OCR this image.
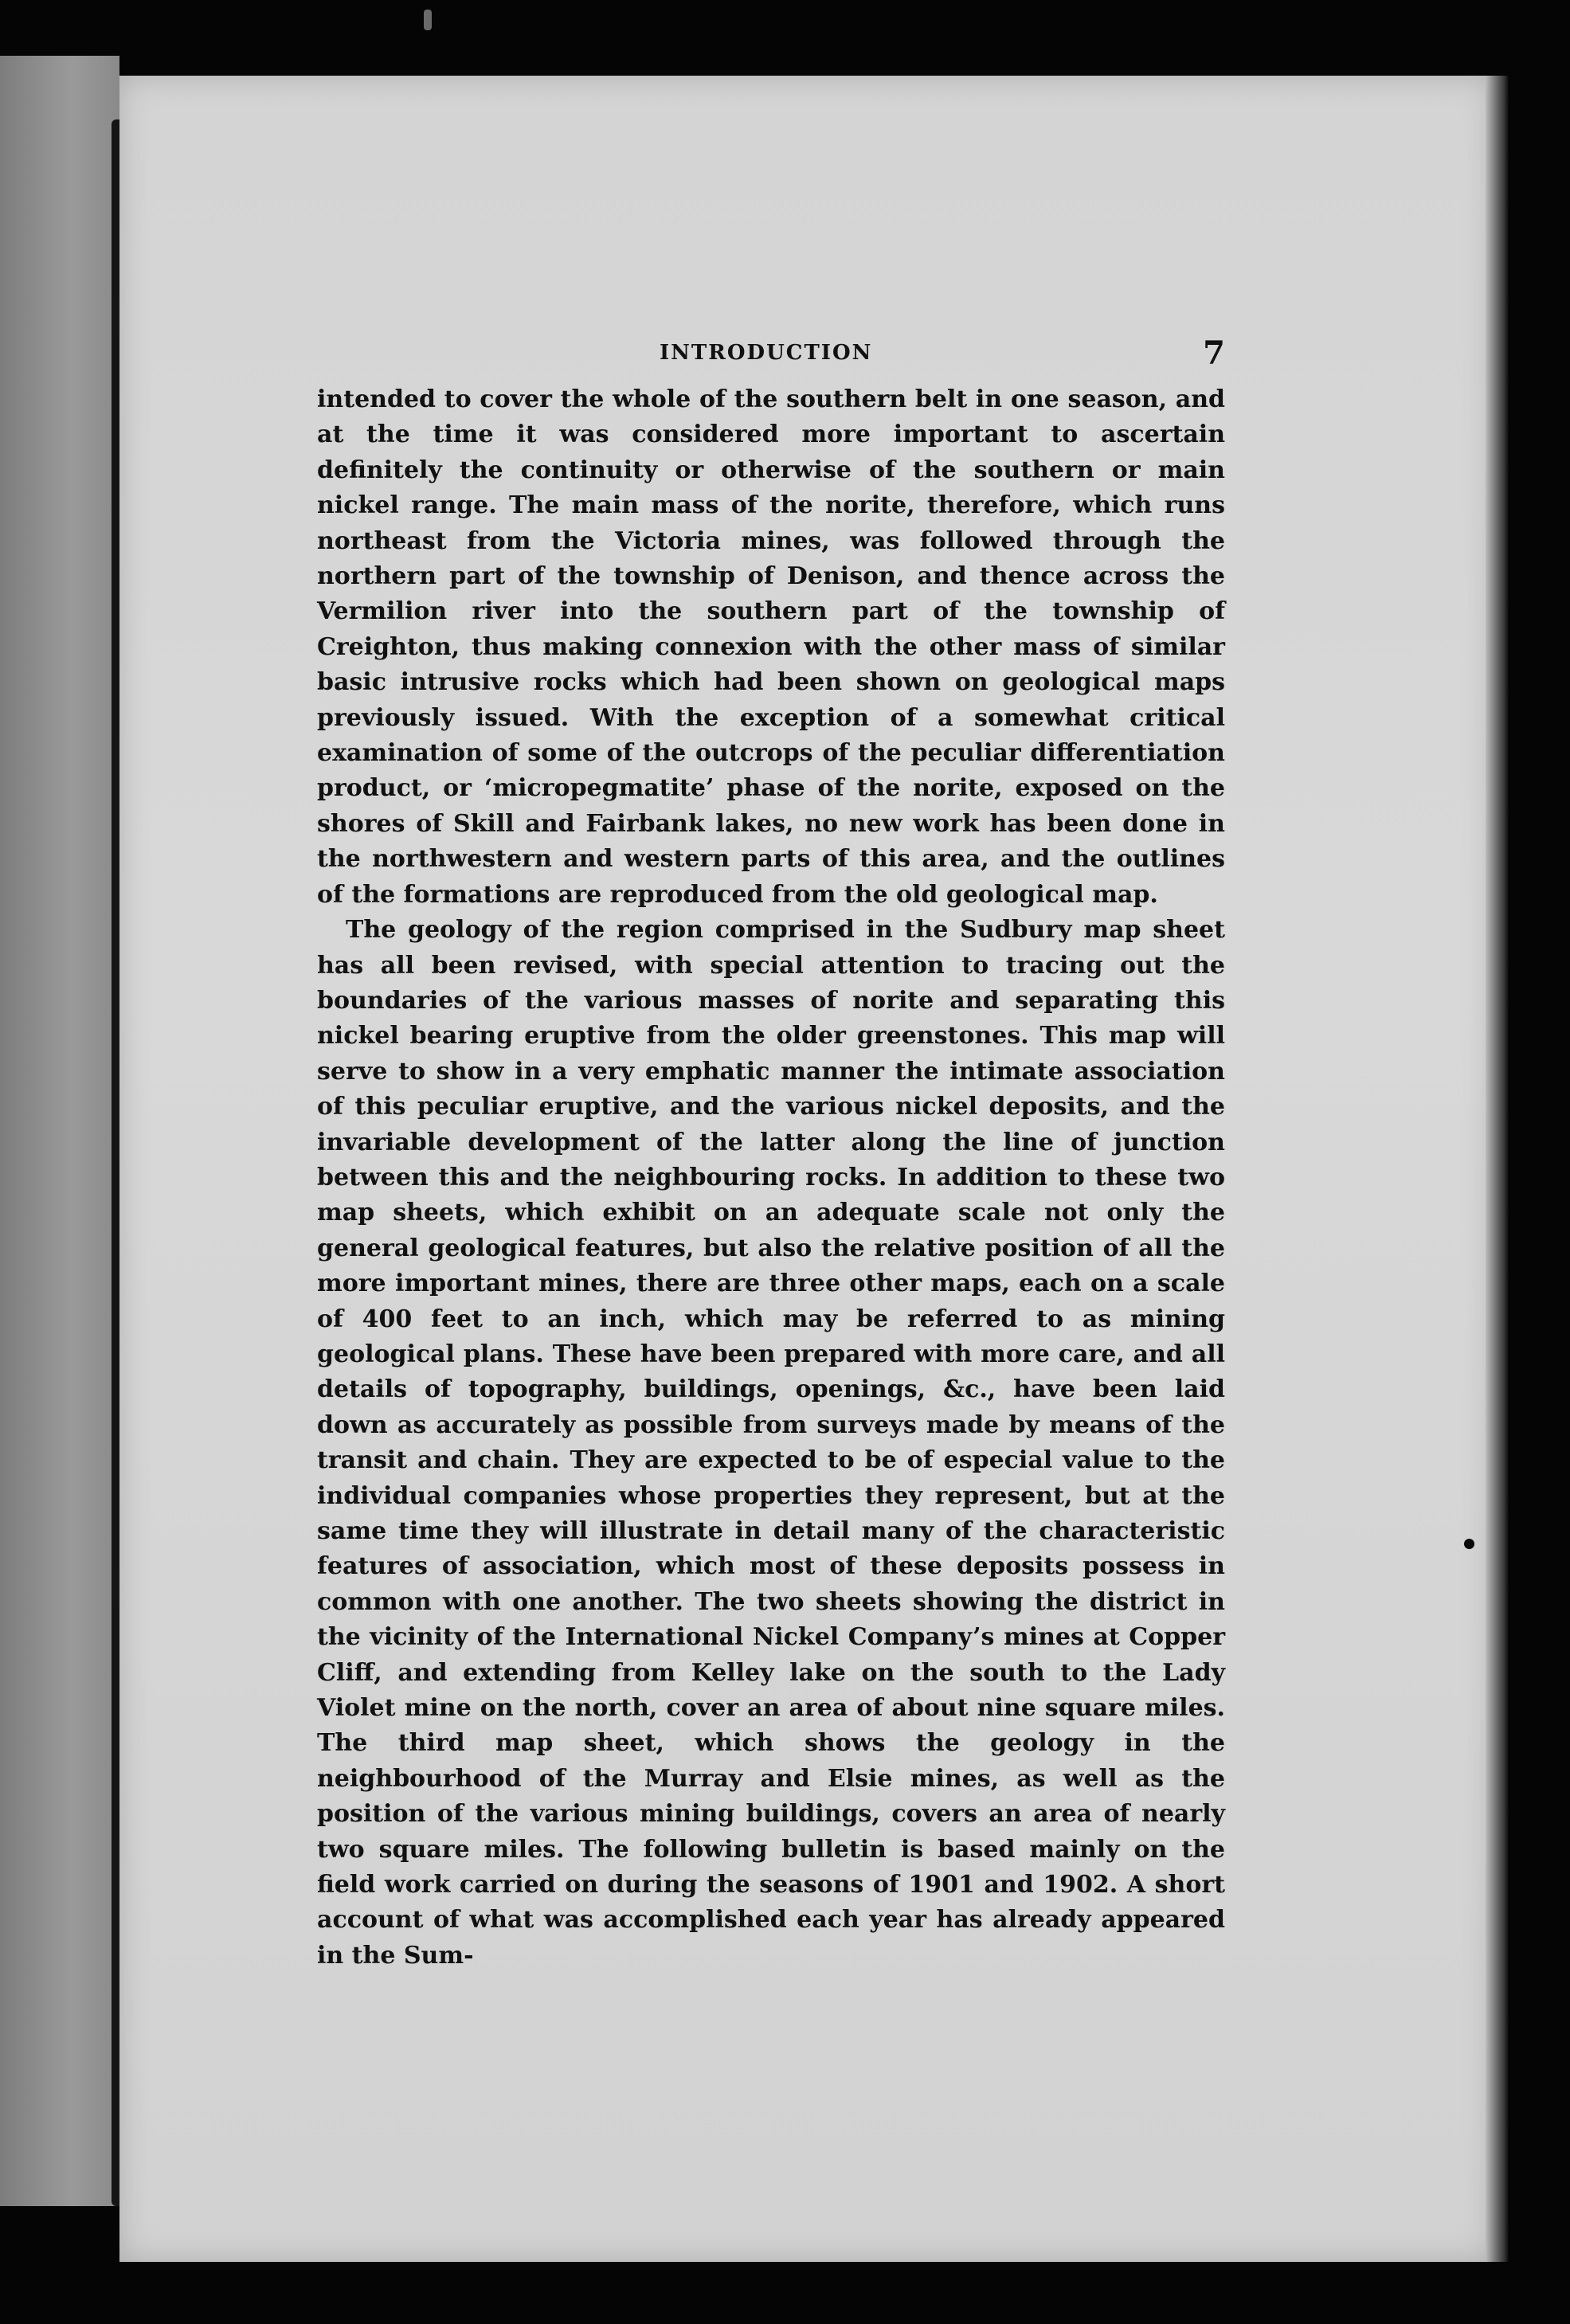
INTRODUCTION	7

intended to cover the whole of the southern belt in one season, and at the time it was considered more important to ascertain definitely the continuity or otherwise of the southern or main nickel range. The main mass of the norite, therefore, which runs northeast from the Victoria mines, was followed through the northern part of the township of Denison, and thence across the Vermilion river into the southern part of the township of Creighton, thus making connexion with the other mass of similar basic intrusive rocks which had been shown on geological maps previously issued. With the exception of a somewhat critical examination of some of the outcrops of the peculiar differentiation product, or ‘micropegmatite’ phase of the norite, exposed on the shores of Skill and Fairbank lakes, no new work has been done in the northwestern and western parts of this area, and the outlines of the formations are reproduced from the old geological map.

The geology of the region comprised in the Sudbury map sheet has all been revised, with special attention to tracing out the boundaries of the various masses of norite and separating this nickel bearing eruptive from the older greenstones. This map will serve to show in a very emphatic manner the intimate association of this peculiar eruptive, and the various nickel deposits, and the invariable development of the latter along the line of junction between this and the neighbouring rocks. In addition to these two map sheets, which exhibit on an adequate scale not only the general geological features, but also the relative position of all the more important mines, there are three other maps, each on a scale of 400 feet to an inch, which may be referred to as mining geological plans. These have been prepared with more care, and all details of topography, buildings, openings, &c., have been laid down as accurately as possible from surveys made by means of the transit and chain. They are expected to be of especial value to the individual companies whose properties they represent, but at the same time they will illustrate in detail many of the characteristic features of association, which most of these deposits possess in common with one another. The two sheets showing the district in the vicinity of the International Nickel Company’s mines at Copper Cliff, and extending from Kelley lake on the south to the Lady Violet mine on the north, cover an area of about nine square miles. The third map sheet, which shows the geology in the neighbourhood of the Murray and Elsie mines, as well as the position of the various mining buildings, covers an area of nearly two square miles. The following bulletin is based mainly on the field work carried on during the seasons of 1901 and 1902. A short account of what was accomplished each year has already appeared in the Sum-
